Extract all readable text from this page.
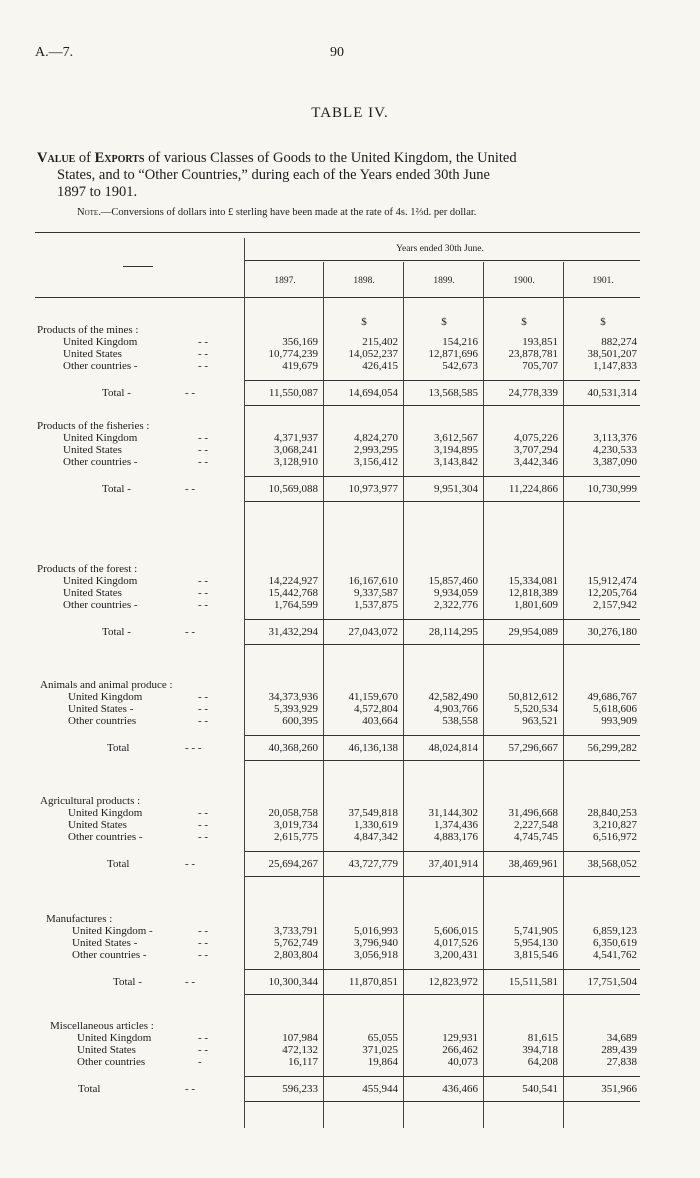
A.—7.	90
TABLE IV.
Value of Exports of various Classes of Goods to the United Kingdom, the United
States, and to “Other Countries,” during each of the Years ended 30th June
1897 to 1901.
Note.—Conversions of dollars into £ sterling have been made at the rate of 4s. 1⅔d. per dollar.
Years ended 30th June.
1897.	1898.	1899.	1900.	1901.
$	$	$	$
Products of the mines :
United Kingdom	- -	356,169	215,402	154,216	193,851	882,274
United States	- -	10,774,239	14,052,237	12,871,696	23,878,781	38,501,207
Other countries -	- -	419,679	426,415	542,673	705,707	1,147,833
Total -	- -	11,550,087	14,694,054	13,568,585	24,778,339	40,531,314
Products of the fisheries :
United Kingdom	- -	4,371,937	4,824,270	3,612,567	4,075,226	3,113,376
United States	- -	3,068,241	2,993,295	3,194,895	3,707,294	4,230,533
Other countries -	- -	3,128,910	3,156,412	3,143,842	3,442,346	3,387,090
Total -	- -	10,569,088	10,973,977	9,951,304	11,224,866	10,730,999
Products of the forest :
United Kingdom	- -	14,224,927	16,167,610	15,857,460	15,334,081	15,912,474
United States	- -	15,442,768	9,337,587	9,934,059	12,818,389	12,205,764
Other countries -	- -	1,764,599	1,537,875	2,322,776	1,801,609	2,157,942
Total -	- -	31,432,294	27,043,072	28,114,295	29,954,089	30,276,180
Animals and animal produce :
United Kingdom	- -	34,373,936	41,159,670	42,582,490	50,812,612	49,686,767
United States -	- -	5,393,929	4,572,804	4,903,766	5,520,534	5,618,606
Other countries	- -	600,395	403,664	538,558	963,521	993,909
Total	- - -	40,368,260	46,136,138	48,024,814	57,296,667	56,299,282
Agricultural products :
United Kingdom	- -	20,058,758	37,549,818	31,144,302	31,496,668	28,840,253
United States	- -	3,019,734	1,330,619	1,374,436	2,227,548	3,210,827
Other countries -	- -	2,615,775	4,847,342	4,883,176	4,745,745	6,516,972
Total	- -	25,694,267	43,727,779	37,401,914	38,469,961	38,568,052
Manufactures :
United Kingdom -	- -	3,733,791	5,016,993	5,606,015	5,741,905	6,859,123
United States -	- -	5,762,749	3,796,940	4,017,526	5,954,130	6,350,619
Other countries -	- -	2,803,804	3,056,918	3,200,431	3,815,546	4,541,762
Total -	- -	10,300,344	11,870,851	12,823,972	15,511,581	17,751,504
Miscellaneous articles :
United Kingdom	- -	107,984	65,055	129,931	81,615	34,689
United States	- -	472,132	371,025	266,462	394,718	289,439
Other countries	-	16,117	19,864	40,073	64,208	27,838
Total	- -	596,233	455,944	436,466	540,541	351,966
